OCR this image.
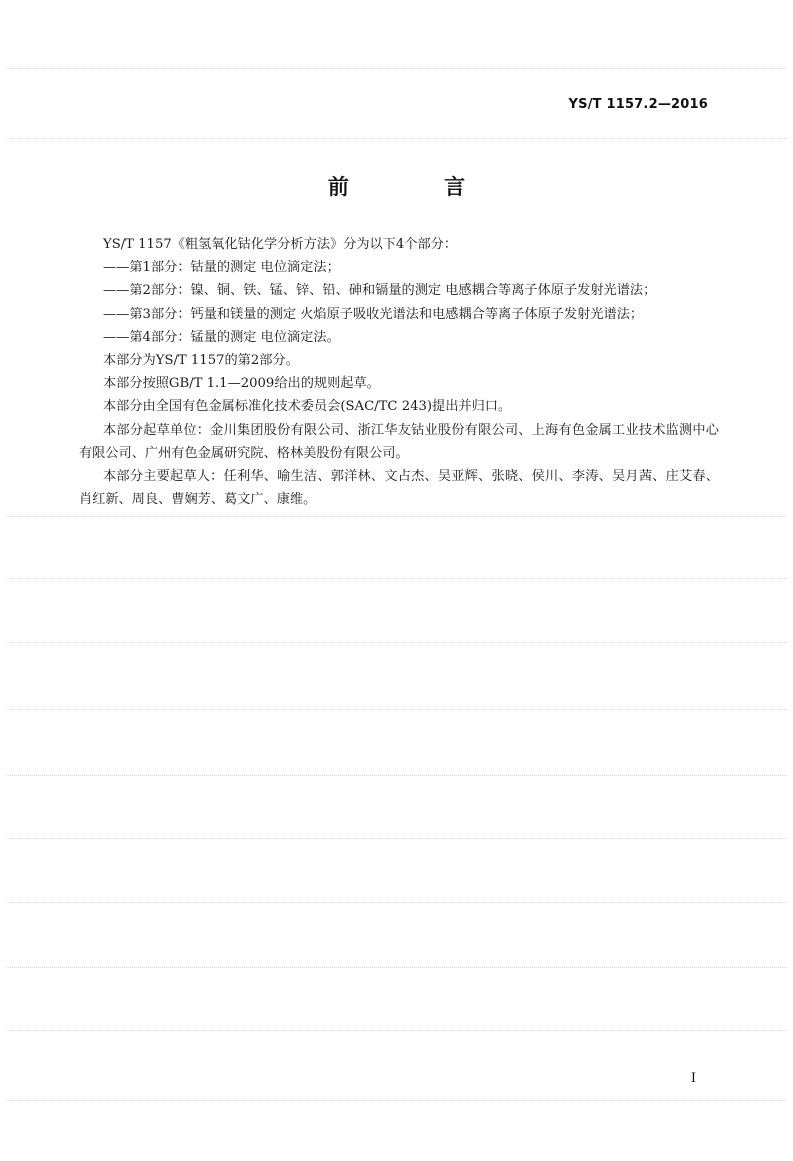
YS/T 1157.2—2016
前 言

YS/T 1157《粗氢氧化钴化学分析方法》分为以下4个部分：

——第1部分：钴量的测定 电位滴定法；

——第2部分：镍、铜、铁、锰、锌、铅、砷和镉量的测定 电感耦合等离子体原子发射光谱法；

——第3部分：钙量和镁量的测定 火焰原子吸收光谱法和电感耦合等离子体原子发射光谱法；

——第4部分：锰量的测定 电位滴定法。

本部分为YS/T 1157的第2部分。

本部分按照GB/T 1.1—2009给出的规则起草。

本部分由全国有色金属标准化技术委员会(SAC/TC 243)提出并归口。

本部分起草单位：金川集团股份有限公司、浙江华友钴业股份有限公司、上海有色金属工业技术监测中心有限公司、广州有色金属研究院、格林美股份有限公司。

本部分主要起草人：任利华、喻生洁、郭洋林、文占杰、吴亚辉、张晓、侯川、李涛、吴月茜、庄艾春、肖红新、周良、曹娴芳、葛文广、康维。

I
